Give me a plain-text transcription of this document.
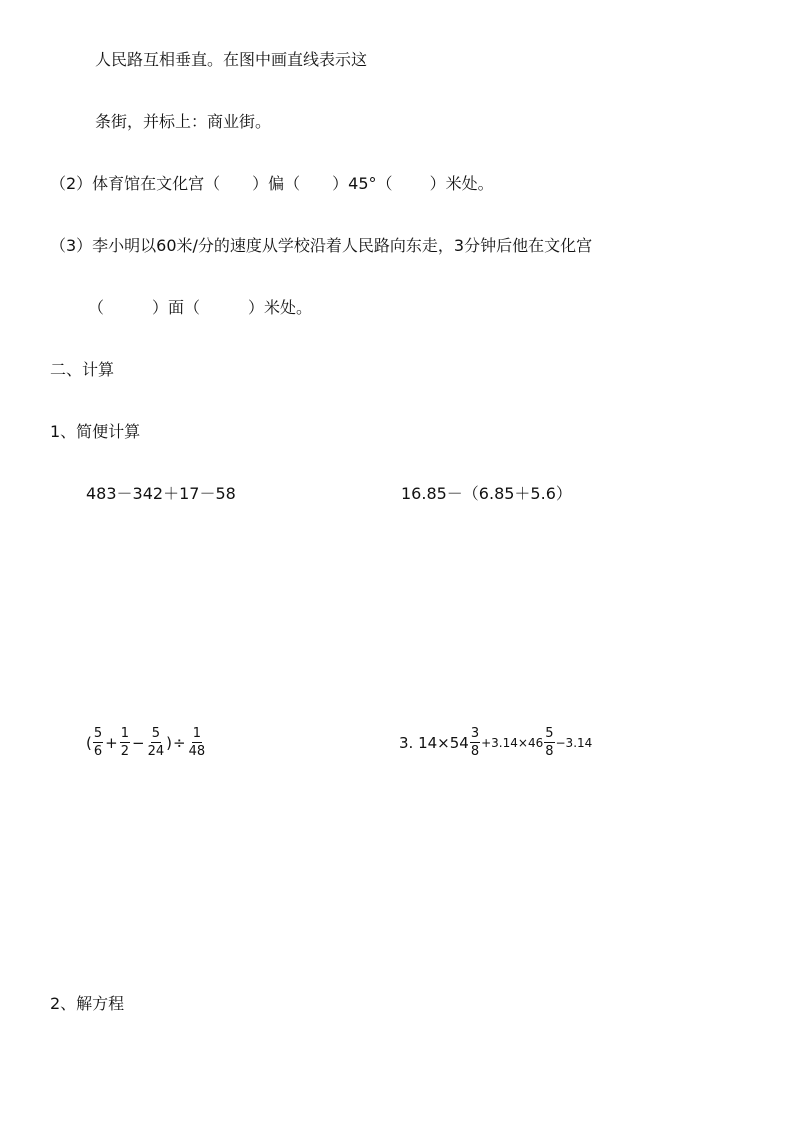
人民路互相垂直。在图中画直线表示这
条街，并标上：商业街。
（2）体育馆在文化宫（　　）偏（　　）45°（　　 ）米处。
（3）李小明以60米/分的速度从学校沿着人民路向东走，3分钟后他在文化宫
（　　　）面（　　　）米处。
二、计算
1、简便计算
483－342＋17－58	16.85－（6.85＋5.6）
( $\frac{5}{6} + \frac{1}{2} - \frac{5}{24}$ ) ÷ $\frac{1}{48}$	3. $14\times 54 \frac{3}{8} +3.14\times 46 \frac{5}{8} -3.14$
2、解方程
